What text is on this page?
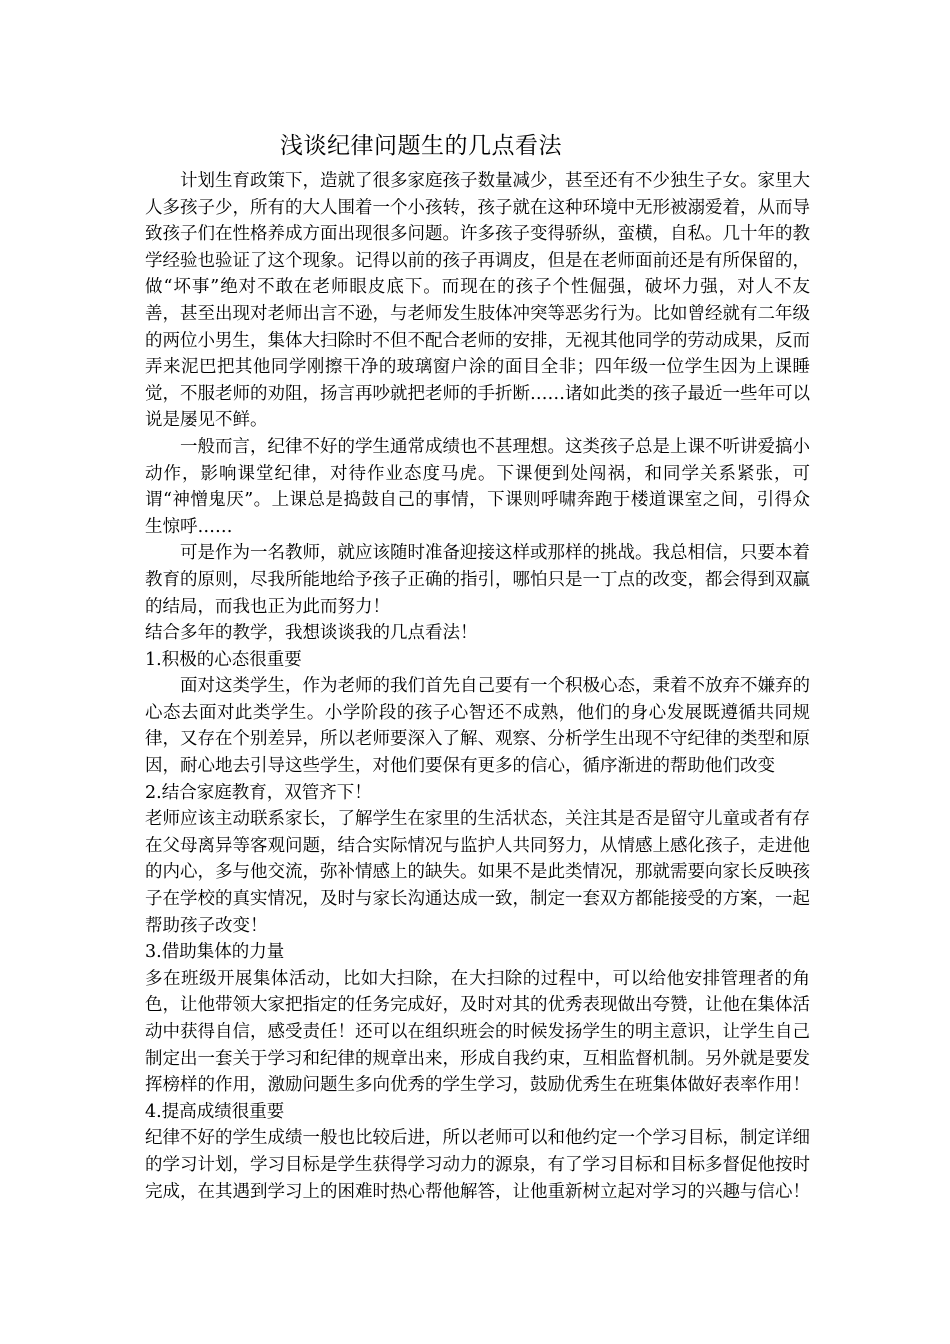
浅谈纪律问题生的几点看法

计划生育政策下，造就了很多家庭孩子数量减少，甚至还有不少独生子女。家里大人多孩子少，所有的大人围着一个小孩转，孩子就在这种环境中无形被溺爱着，从而导致孩子们在性格养成方面出现很多问题。许多孩子变得骄纵，蛮横，自私。几十年的教学经验也验证了这个现象。记得以前的孩子再调皮，但是在老师面前还是有所保留的，做“坏事”绝对不敢在老师眼皮底下。而现在的孩子个性倔强，破坏力强，对人不友善，甚至出现对老师出言不逊，与老师发生肢体冲突等恶劣行为。比如曾经就有二年级的两位小男生，集体大扫除时不但不配合老师的安排，无视其他同学的劳动成果，反而弄来泥巴把其他同学刚擦干净的玻璃窗户涂的面目全非；四年级一位学生因为上课睡觉，不服老师的劝阻，扬言再吵就把老师的手折断……诸如此类的孩子最近一些年可以说是屡见不鲜。

一般而言，纪律不好的学生通常成绩也不甚理想。这类孩子总是上课不听讲爱搞小动作，影响课堂纪律，对待作业态度马虎。下课便到处闯祸，和同学关系紧张，可谓“神憎鬼厌”。上课总是捣鼓自己的事情，下课则呼啸奔跑于楼道课室之间，引得众生惊呼……

可是作为一名教师，就应该随时准备迎接这样或那样的挑战。我总相信，只要本着教育的原则，尽我所能地给予孩子正确的指引，哪怕只是一丁点的改变，都会得到双赢的结局，而我也正为此而努力！

结合多年的教学，我想谈谈我的几点看法！

1.积极的心态很重要

面对这类学生，作为老师的我们首先自己要有一个积极心态，秉着不放弃不嫌弃的心态去面对此类学生。小学阶段的孩子心智还不成熟，他们的身心发展既遵循共同规律，又存在个别差异，所以老师要深入了解、观察、分析学生出现不守纪律的类型和原因，耐心地去引导这些学生，对他们要保有更多的信心，循序渐进的帮助他们改变

2.结合家庭教育，双管齐下！

老师应该主动联系家长，了解学生在家里的生活状态，关注其是否是留守儿童或者有存在父母离异等客观问题，结合实际情况与监护人共同努力，从情感上感化孩子，走进他的内心，多与他交流，弥补情感上的缺失。如果不是此类情况，那就需要向家长反映孩子在学校的真实情况，及时与家长沟通达成一致，制定一套双方都能接受的方案，一起帮助孩子改变！

3.借助集体的力量

多在班级开展集体活动，比如大扫除，在大扫除的过程中，可以给他安排管理者的角色，让他带领大家把指定的任务完成好，及时对其的优秀表现做出夸赞，让他在集体活动中获得自信，感受责任！还可以在组织班会的时候发扬学生的明主意识，让学生自己制定出一套关于学习和纪律的规章出来，形成自我约束，互相监督机制。另外就是要发挥榜样的作用，激励问题生多向优秀的学生学习，鼓励优秀生在班集体做好表率作用！

4.提高成绩很重要

纪律不好的学生成绩一般也比较后进，所以老师可以和他约定一个学习目标，制定详细的学习计划，学习目标是学生获得学习动力的源泉，有了学习目标和目标多督促他按时完成，在其遇到学习上的困难时热心帮他解答，让他重新树立起对学习的兴趣与信心！
